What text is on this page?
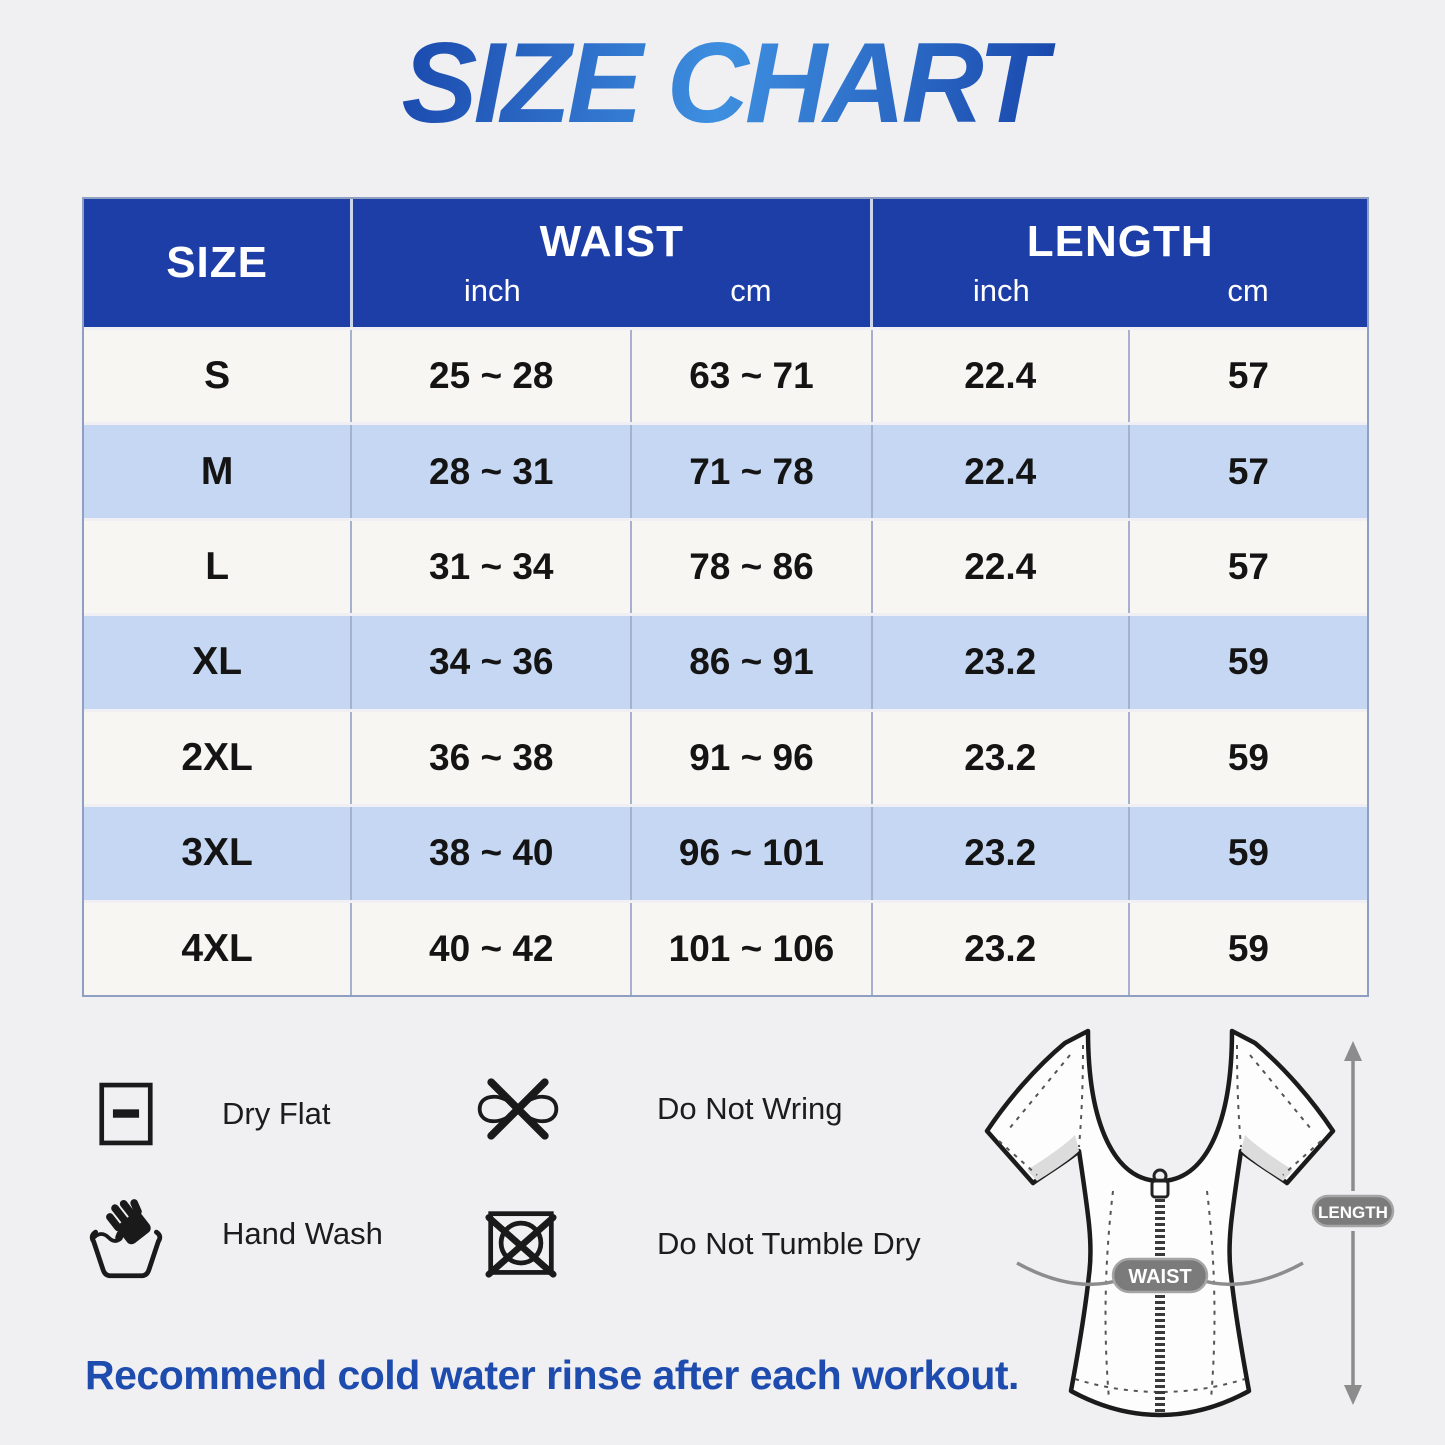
SIZE CHART
SIZE	WAIST
inch	cm
LENGTH
inch	cm
S	25 ~ 28	63 ~ 71	22.4	57
M	28 ~ 31	71 ~ 78	22.4	57
L	31 ~ 34	78 ~ 86	22.4	57
XL	34 ~ 36	86 ~ 91	23.2	59
2XL	36 ~ 38	91 ~ 96	23.2	59
3XL	38 ~ 40	96 ~ 101	23.2	59
4XL	40 ~ 42	101 ~ 106	23.2	59
Dry Flat	Do Not Wring
Hand Wash	Do Not Tumble Dry
WAIST
LENGTH
Recommend cold water rinse after each workout.
